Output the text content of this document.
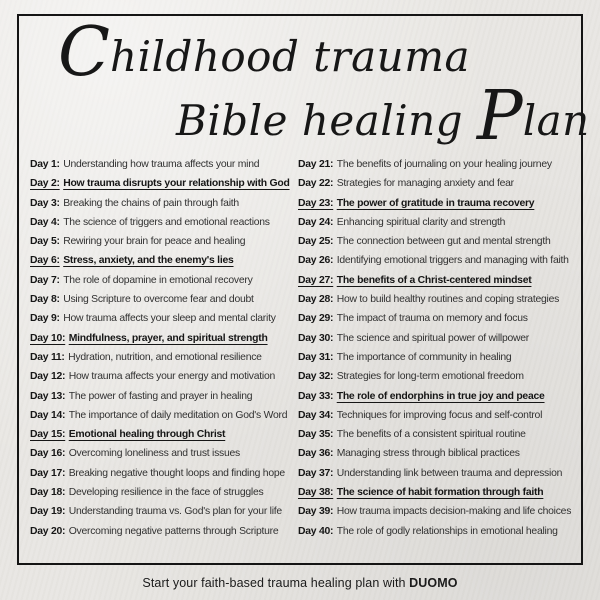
Childhood trauma
Bible healing Plan
Day 1: Understanding how trauma affects your mind
Day 2: How trauma disrupts your relationship with God
Day 3: Breaking the chains of pain through faith
Day 4: The science of triggers and emotional reactions
Day 5: Rewiring your brain for peace and healing
Day 6: Stress, anxiety, and the enemy's lies
Day 7: The role of dopamine in emotional recovery
Day 8: Using Scripture to overcome fear and doubt
Day 9: How trauma affects your sleep and mental clarity
Day 10: Mindfulness, prayer, and spiritual strength
Day 11: Hydration, nutrition, and emotional resilience
Day 12: How trauma affects your energy and motivation
Day 13: The power of fasting and prayer in healing
Day 14: The importance of daily meditation on God's Word
Day 15: Emotional healing through Christ
Day 16: Overcoming loneliness and trust issues
Day 17: Breaking negative thought loops and finding hope
Day 18: Developing resilience in the face of struggles
Day 19: Understanding trauma vs. God's plan for your life
Day 20: Overcoming negative patterns through Scripture
Day 21: The benefits of journaling on your healing journey
Day 22: Strategies for managing anxiety and fear
Day 23: The power of gratitude in trauma recovery
Day 24: Enhancing spiritual clarity and strength
Day 25: The connection between gut and mental strength
Day 26: Identifying emotional triggers and managing with faith
Day 27: The benefits of a Christ-centered mindset
Day 28: How to build healthy routines and coping strategies
Day 29: The impact of trauma on memory and focus
Day 30: The science and spiritual power of willpower
Day 31: The importance of community in healing
Day 32: Strategies for long-term emotional freedom
Day 33: The role of endorphins in true joy and peace
Day 34: Techniques for improving focus and self-control
Day 35: The benefits of a consistent spiritual routine
Day 36: Managing stress through biblical practices
Day 37: Understanding link between trauma and depression
Day 38: The science of habit formation through faith
Day 39: How trauma impacts decision-making and life choices
Day 40: The role of godly relationships in emotional healing
Start your faith-based trauma healing plan with DUOMO
